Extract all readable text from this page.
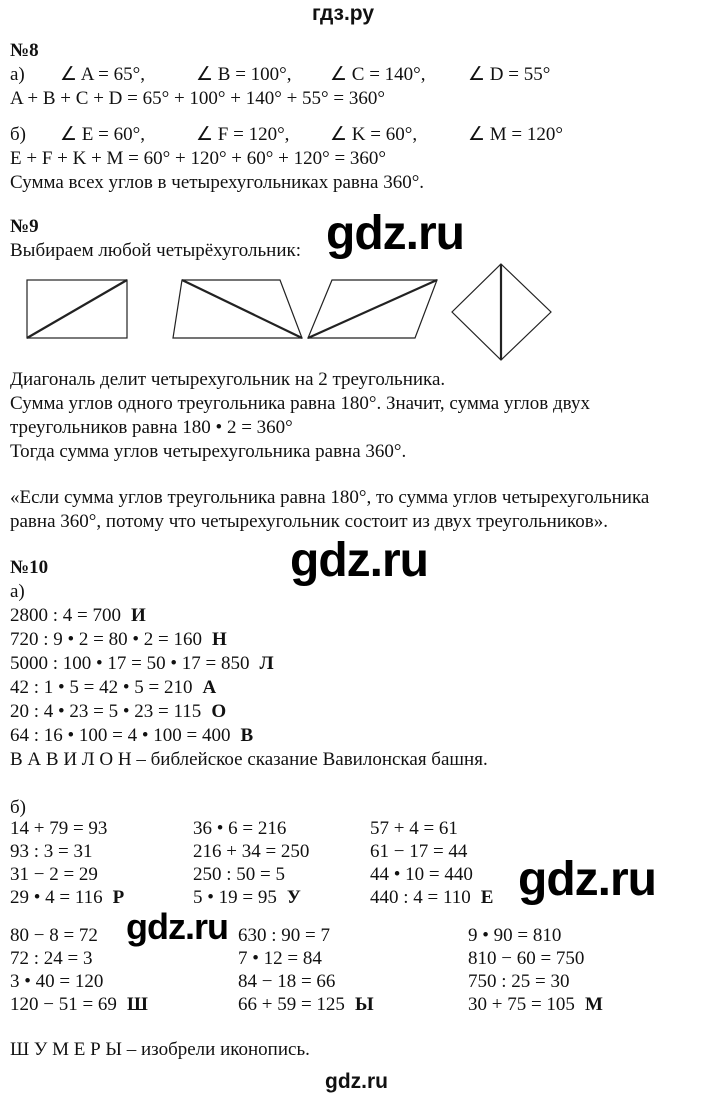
гдз.ру
№8
а) ∠ A = 65°,	∠ B = 100°, ∠ C = 140°, ∠ D = 55°
A + B + C + D = 65° + 100° + 140° + 55° = 360°
б) ∠ E = 60°,	∠ F = 120°, ∠ K = 60°,	∠ M = 120°
E + F + K + M = 60° + 120° + 60° + 120° = 360°
Сумма всех углов в четырехугольниках равна 360°.
№9
Выбираем любой четырёхугольник: gdz.ru
Диагональ делит четырехугольник на 2 треугольника.
Сумма углов одного треугольника равна 180°. Значит, сумма углов двух
треугольников равна 180 • 2 = 360°
Тогда сумма углов четырехугольника равна 360°.
«Если сумма углов треугольника равна 180°, то сумма углов четырехугольника
равна 360°, потому что четырехугольник состоит из двух треугольников».
gdz.ru
№10
а)
2800 : 4 = 700 И
720 : 9 • 2 = 80 • 2 = 160 Н
5000 : 100 • 17 = 50 • 17 = 850 Л
42 : 1 • 5 = 42 • 5 = 210 А
20 : 4 • 23 = 5 • 23 = 115 О
64 : 16 • 100 = 4 • 100 = 400 В
В А В И Л О Н – библейское сказание Вавилонская башня.
б)
14 + 79 = 93	36 • 6 = 216	57 + 4 = 61
93 : 3 = 31	216 + 34 = 250	61 − 17 = 44
31 − 2 = 29	250 : 50 = 5	44 • 10 = 440
29 • 4 = 116 Р	5 • 19 = 95 У	440 : 4 = 110 Е
80 − 8 = 72	630 : 90 = 7	9 • 90 = 810
72 : 24 = 3	7 • 12 = 84	810 − 60 = 750
3 • 40 = 120	84 − 18 = 66	750 : 25 = 30
120 − 51 = 69 Ш	66 + 59 = 125 Ы	30 + 75 = 105 М
gdz.ru
gdz.ru
Ш У М Е Р Ы – изобрели иконопись.
gdz.ru
